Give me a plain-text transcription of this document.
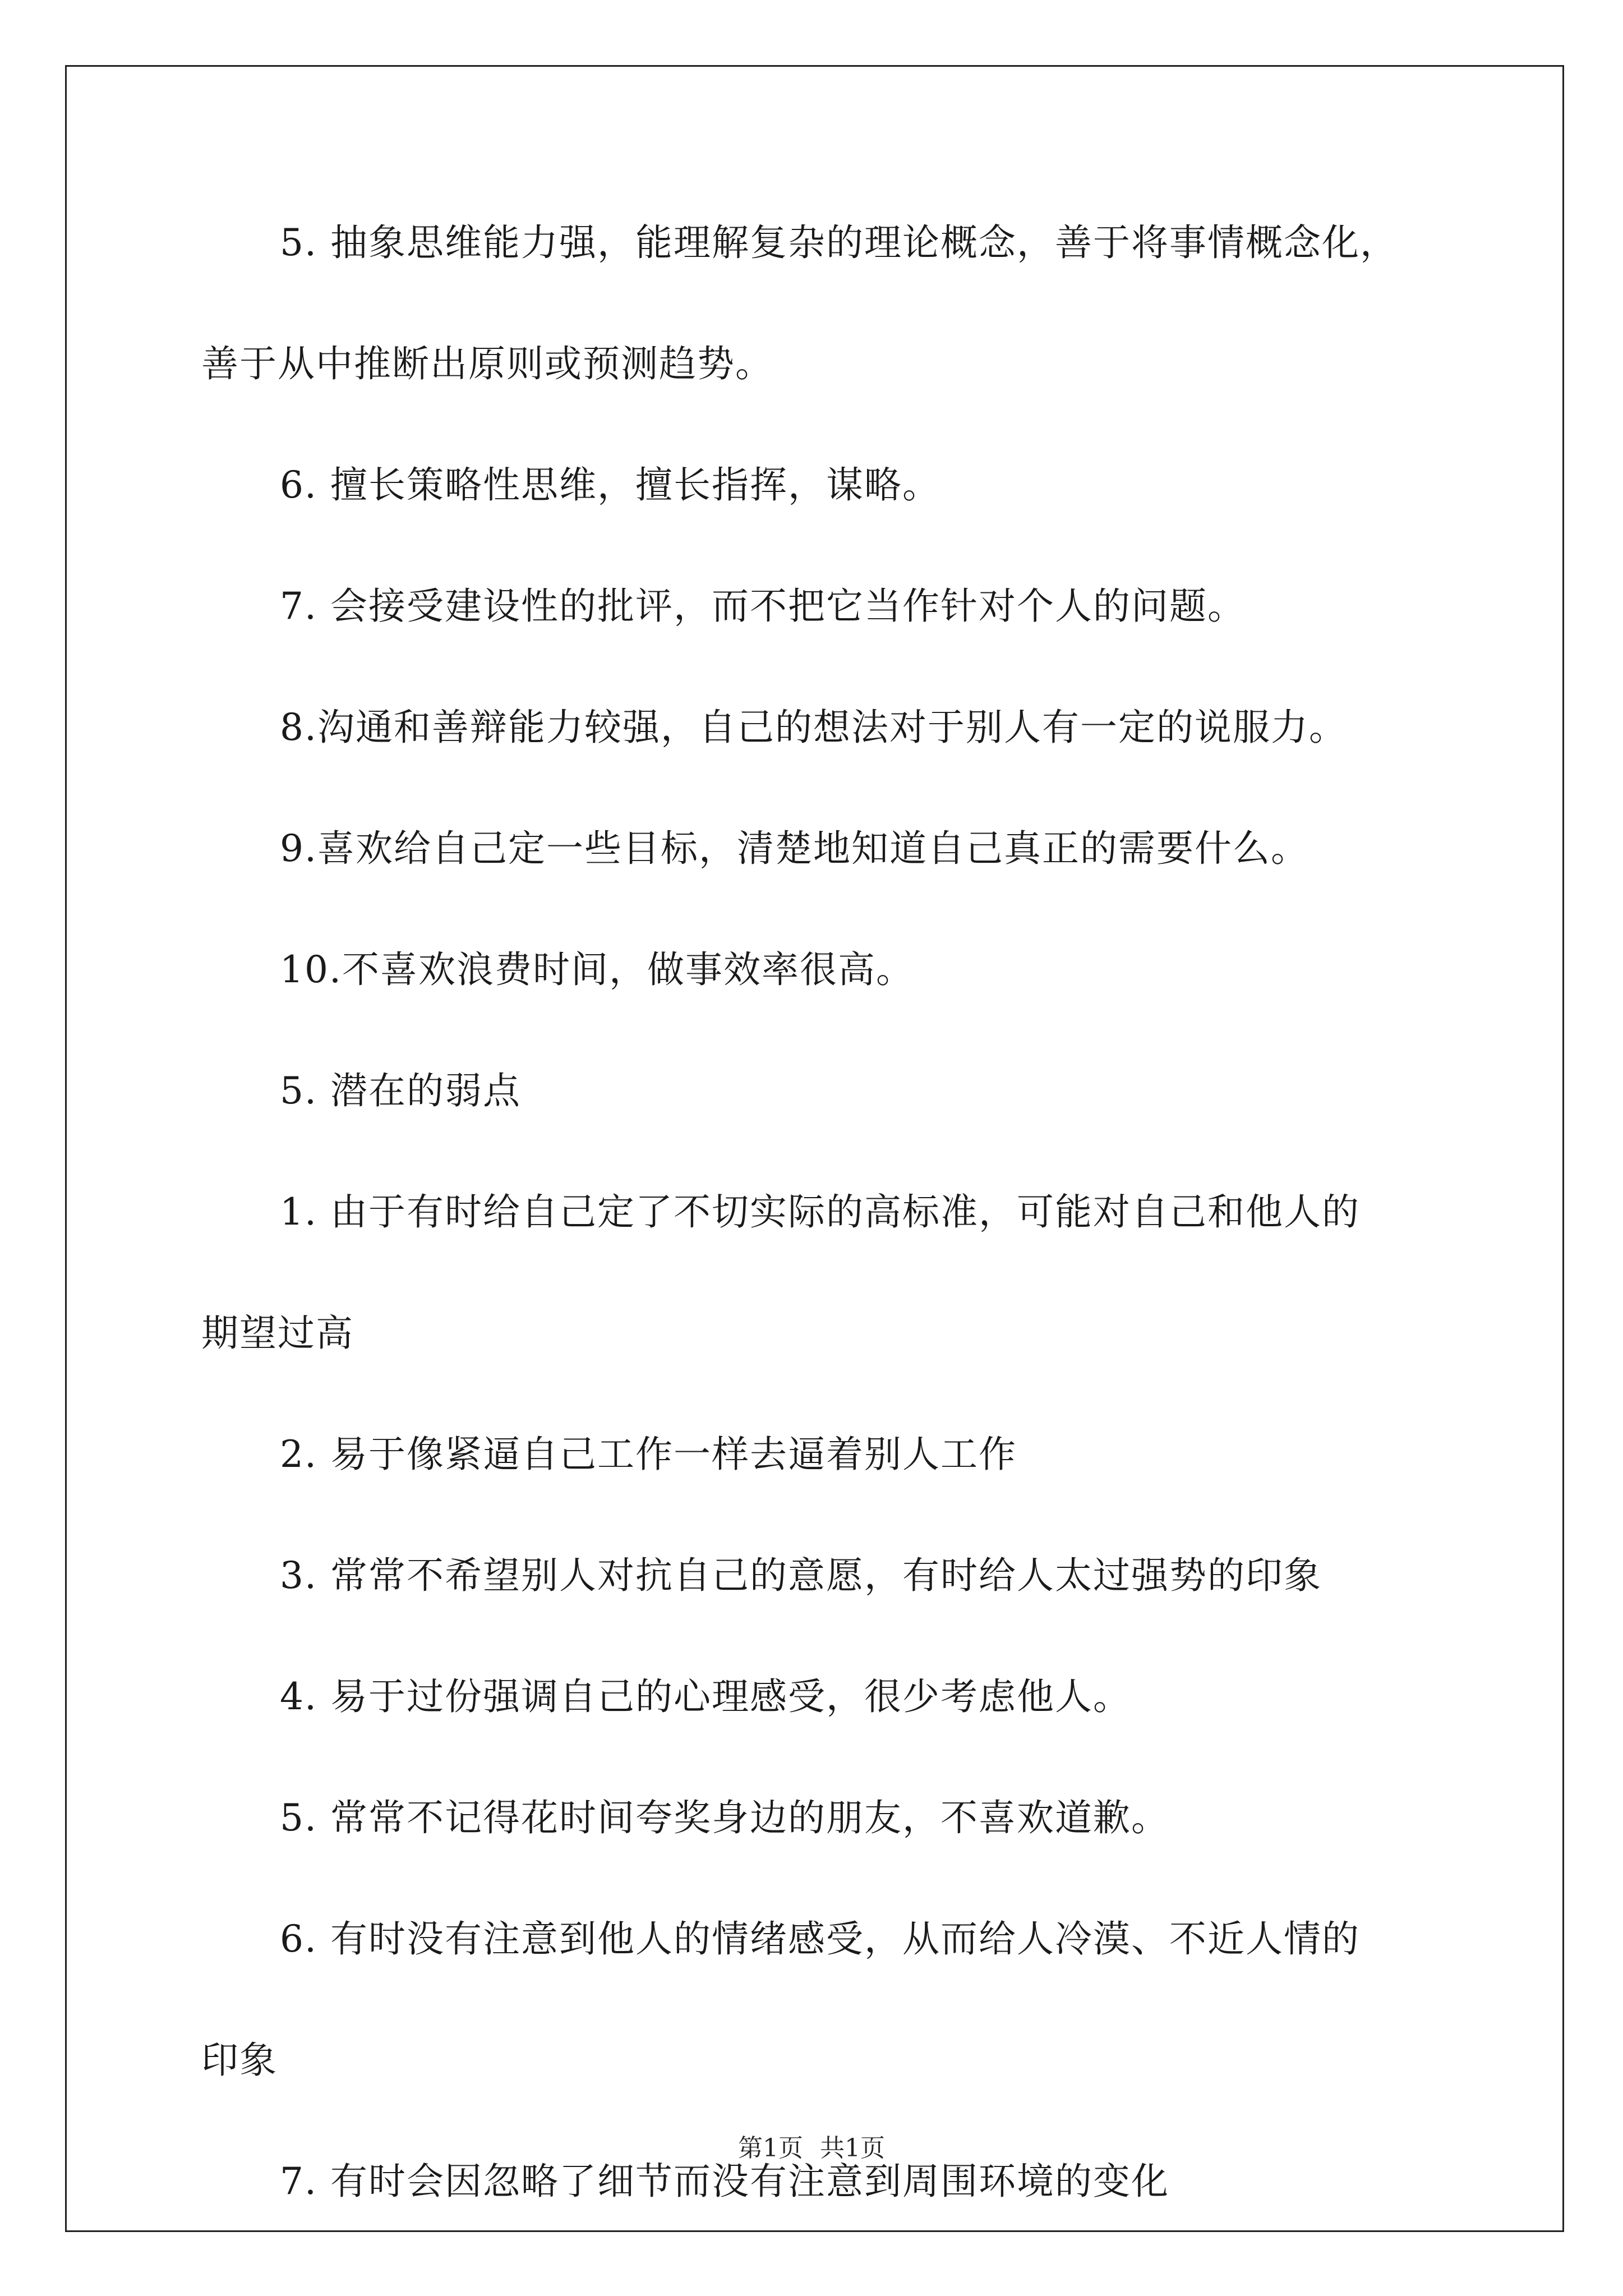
5. 抽象思维能力强，能理解复杂的理论概念，善于将事情概念化，

善于从中推断出原则或预测趋势。

6. 擅长策略性思维，擅长指挥，谋略。

7. 会接受建设性的批评，而不把它当作针对个人的问题。

8.沟通和善辩能力较强，自己的想法对于别人有一定的说服力。

9.喜欢给自己定一些目标，清楚地知道自己真正的需要什么。

10.不喜欢浪费时间，做事效率很高。

5. 潜在的弱点

1. 由于有时给自己定了不切实际的高标准，可能对自己和他人的

期望过高

2. 易于像紧逼自己工作一样去逼着别人工作

3. 常常不希望别人对抗自己的意愿，有时给人太过强势的印象

4. 易于过份强调自己的心理感受，很少考虑他人。

5. 常常不记得花时间夸奖身边的朋友，不喜欢道歉。

6. 有时没有注意到他人的情绪感受，从而给人冷漠、不近人情的

印象

7. 有时会因忽略了细节而没有注意到周围环境的变化

第1页 共1页
